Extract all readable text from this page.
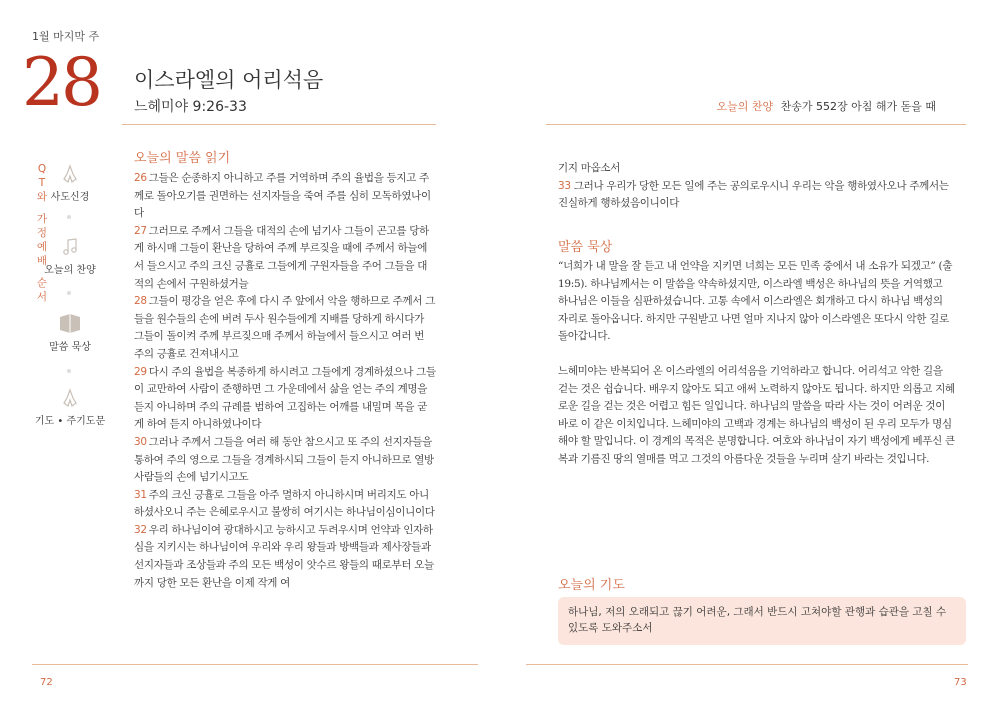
1월 마지막 주
28 이스라엘의 어리석음
느헤미야 9:26-33
Q
T
와
가
정
예
배
순
서
사도신경
오늘의 찬양
말씀 묵상
기도 • 주기도문
오늘의 말씀 읽기
26 그들은 순종하지 아니하고 주를 거역하며 주의 율법을 등지고 주께로 돌아오기를 권면하는 선지자들을 죽여 주를 심히 모독하였나이다
27 그러므로 주께서 그들을 대적의 손에 넘기사 그들이 곤고를 당하게 하시매 그들이 환난을 당하여 주께 부르짖을 때에 주께서 하늘에서 들으시고 주의 크신 긍휼로 그들에게 구원자들을 주어 그들을 대적의 손에서 구원하셨거늘
28 그들이 평강을 얻은 후에 다시 주 앞에서 악을 행하므로 주께서 그들을 원수들의 손에 버려 두사 원수들에게 지배를 당하게 하시다가 그들이 돌이켜 주께 부르짖으매 주께서 하늘에서 들으시고 여러 번 주의 긍휼로 건져내시고
29 다시 주의 율법을 복종하게 하시려고 그들에게 경계하셨으나 그들이 교만하여 사람이 준행하면 그 가운데에서 삶을 얻는 주의 계명을 듣지 아니하며 주의 규례를 범하여 고집하는 어깨를 내밀며 목을 굳게 하여 듣지 아니하였나이다
30 그러나 주께서 그들을 여러 해 동안 참으시고 또 주의 선지자들을 통하여 주의 영으로 그들을 경계하시되 그들이 듣지 아니하므로 열방 사람들의 손에 넘기시고도
31 주의 크신 긍휼로 그들을 아주 멸하지 아니하시며 버리지도 아니하셨사오니 주는 은혜로우시고 불쌍히 여기시는 하나님이심이니이다
32 우리 하나님이여 광대하시고 능하시고 두려우시며 언약과 인자하심을 지키시는 하나님이여 우리와 우리 왕들과 방백들과 제사장들과 선지자들과 조상들과 주의 모든 백성이 앗수르 왕들의 때로부터 오늘까지 당한 모든 환난을 이제 작게 여
72
오늘의 찬양 찬송가 552장 아침 해가 돋을 때
기지 마옵소서
33 그러나 우리가 당한 모든 일에 주는 공의로우시니 우리는 악을 행하였사오나 주께서는 진실하게 행하셨음이니이다
말씀 묵상

“너희가 내 말을 잘 듣고 내 언약을 지키면 너희는 모든 민족 중에서 내 소유가 되겠고” (출19:5). 하나님께서는 이 말씀을 약속하셨지만, 이스라엘 백성은 하나님의 뜻을 거역했고 하나님은 이들을 심판하셨습니다. 고통 속에서 이스라엘은 회개하고 다시 하나님 백성의 자리로 돌아옵니다. 하지만 구원받고 나면 얼마 지나지 않아 이스라엘은 또다시 악한 길로 돌아갑니다.

느헤미야는 반복되어 온 이스라엘의 어리석음을 기억하라고 합니다. 어리석고 악한 길을 걷는 것은 쉽습니다. 배우지 않아도 되고 애써 노력하지 않아도 됩니다. 하지만 의롭고 지혜로운 길을 걷는 것은 어렵고 힘든 일입니다. 하나님의 말씀을 따라 사는 것이 어려운 것이 바로 이 같은 이치입니다. 느헤미야의 고백과 경계는 하나님의 백성이 된 우리 모두가 명심해야 할 말입니다. 이 경계의 목적은 분명합니다. 여호와 하나님이 자기 백성에게 베푸신 큰 복과 기름진 땅의 열매를 먹고 그것의 아름다운 것들을 누리며 살기 바라는 것입니다.

오늘의 기도
하나님, 저의 오래되고 끊기 어려운, 그래서 반드시 고쳐야할 관행과 습관을 고칠 수 있도록 도와주소서
73
